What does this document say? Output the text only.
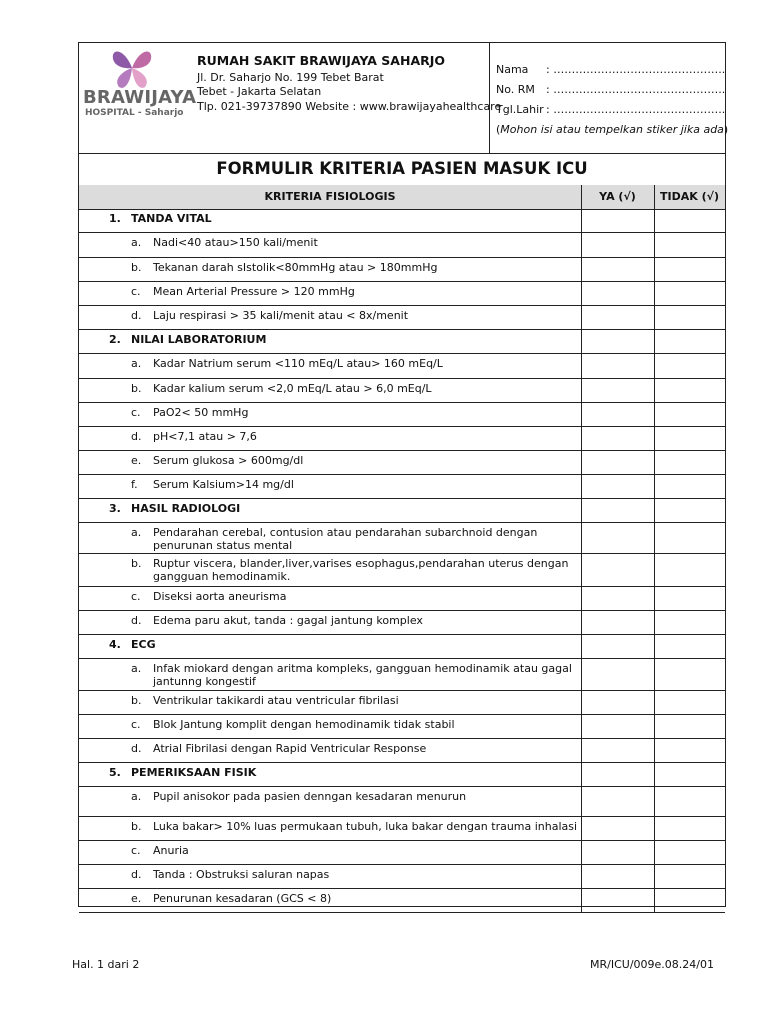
BRAWIJAYA
HOSPITAL - Saharjo
RUMAH SAKIT BRAWIJAYA SAHARJO
Jl. Dr. Saharjo No. 199 Tebet Barat
Tebet - Jakarta Selatan
Tlp. 021-39737890 Website : www.brawijayahealthcare
Nama : ………………………………………..
No. RM : ………………………………………..
Tgl.Lahir : ………………………………………..
(Mohon isi atau tempelkan stiker jika ada)
FORMULIR KRITERIA PASIEN MASUK ICU
KRITERIA FISIOLOGIS	YA (√)	TIDAK (√)
1. TANDA VITAL
a. Nadi<40 atau>150 kali/menit
b. Tekanan darah sIstolik<80mmHg atau > 180mmHg
c. Mean Arterial Pressure > 120 mmHg
d. Laju respirasi > 35 kali/menit atau < 8x/menit
2. NILAI LABORATORIUM
a. Kadar Natrium serum <110 mEq/L atau> 160 mEq/L
b. Kadar kalium serum <2,0 mEq/L atau > 6,0 mEq/L
c. PaO2< 50 mmHg
d. pH<7,1 atau > 7,6
e. Serum glukosa > 600mg/dl
f. Serum Kalsium>14 mg/dl
3. HASIL RADIOLOGI
a. Pendarahan cerebal, contusion atau pendarahan subarchnoid dengan penurunan status mental
b. Ruptur viscera, blander,liver,varises esophagus,pendarahan uterus dengan gangguan hemodinamik.
c. Diseksi aorta aneurisma
d. Edema paru akut, tanda : gagal jantung komplex
4. ECG
a. Infak miokard dengan aritma kompleks, gangguan hemodinamik atau gagal jantunng kongestif
b. Ventrikular takikardi atau ventricular fibrilasi
c. Blok Jantung komplit dengan hemodinamik tidak stabil
d. Atrial Fibrilasi dengan Rapid Ventricular Response
5. PEMERIKSAAN FISIK
a. Pupil anisokor pada pasien denngan kesadaran menurun
b. Luka bakar> 10% luas permukaan tubuh, luka bakar dengan trauma inhalasi
c. Anuria
d. Tanda : Obstruksi saluran napas
e. Penurunan kesadaran (GCS < 8)
Hal. 1 dari 2	MR/ICU/009e.08.24/01
